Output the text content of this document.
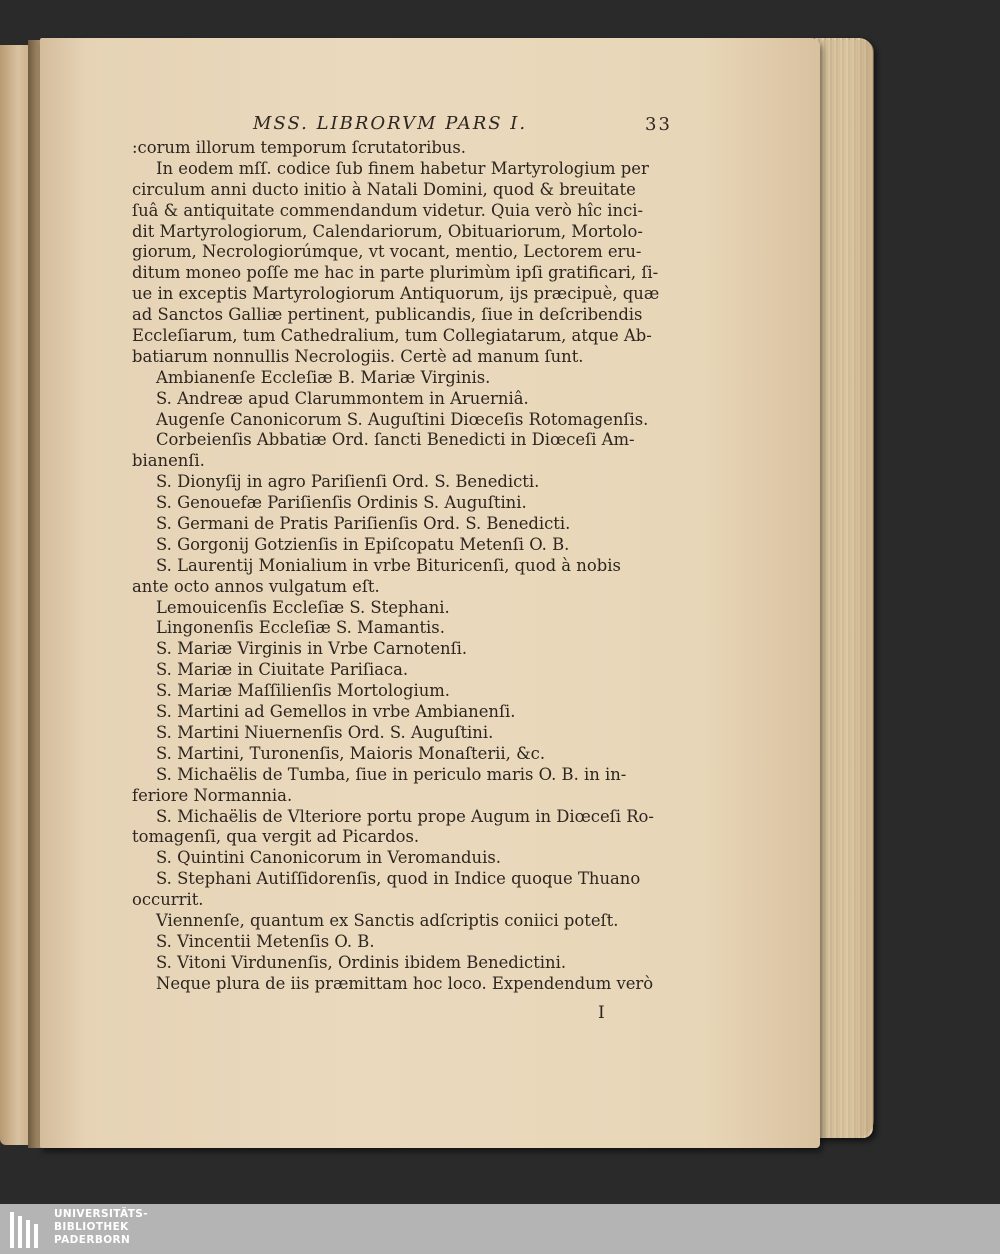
MSS. LIBRORVM PARS I.	33
:corum illorum temporum ſcrutatoribus.
In eodem mſſ. codice ſub finem habetur Martyrologium per
circulum anni ducto initio à Natali Domini, quod & breuitate
ſuâ & antiquitate commendandum videtur. Quia verò hîc inci-
dit Martyrologiorum, Calendariorum, Obituariorum, Mortolo-
giorum, Necrologiorúmque, vt vocant, mentio, Lectorem eru-
ditum moneo poſſe me hac in parte plurimùm ipſi gratificari, ſi-
ue in exceptis Martyrologiorum Antiquorum, ijs præcipuè, quæ
ad Sanctos Galliæ pertinent, publicandis, ſiue in deſcribendis
Eccleſiarum, tum Cathedralium, tum Collegiatarum, atque Ab-
batiarum nonnullis Necrologiis. Certè ad manum ſunt.
Ambianenſe Eccleſiæ B. Mariæ Virginis.
S. Andreæ apud Clarummontem in Aruerniâ.
Augenſe Canonicorum S. Auguſtini Diœceſis Rotomagenſis.
Corbeienſis Abbatiæ Ord. ſancti Benedicti in Diœceſi Am-
bianenſi.
S. Dionyſij in agro Pariſienſi Ord. S. Benedicti.
S. Genouefæ Pariſienſis Ordinis S. Auguſtini.
S. Germani de Pratis Pariſienſis Ord. S. Benedicti.
S. Gorgonij Gotzienſis in Epiſcopatu Metenſi O. B.
S. Laurentij Monialium in vrbe Bituricenſi, quod à nobis
ante octo annos vulgatum eſt.
Lemouicenſis Eccleſiæ S. Stephani.
Lingonenſis Eccleſiæ S. Mamantis.
S. Mariæ Virginis in Vrbe Carnotenſi.
S. Mariæ in Ciuitate Pariſiaca.
S. Mariæ Maſſilienſis Mortologium.
S. Martini ad Gemellos in vrbe Ambianenſi.
S. Martini Niuernenſis Ord. S. Auguſtini.
S. Martini, Turonenſis, Maioris Monaſterii, &c.
S. Michaëlis de Tumba, ſiue in periculo maris O. B. in in-
feriore Normannia.
S. Michaëlis de Vlteriore portu prope Augum in Diœceſi Ro-
tomagenſi, qua vergit ad Picardos.
S. Quintini Canonicorum in Veromanduis.
S. Stephani Autiſſidorenſis, quod in Indice quoque Thuano
occurrit.
Viennenſe, quantum ex Sanctis adſcriptis coniici poteſt.
S. Vincentii Metenſis O. B.
S. Vitoni Virdunenſis, Ordinis ibidem Benedictini.
Neque plura de iis præmittam hoc loco. Expendendum verò
I
UNIVERSITÄTS-
BIBLIOTHEK
PADERBORN
